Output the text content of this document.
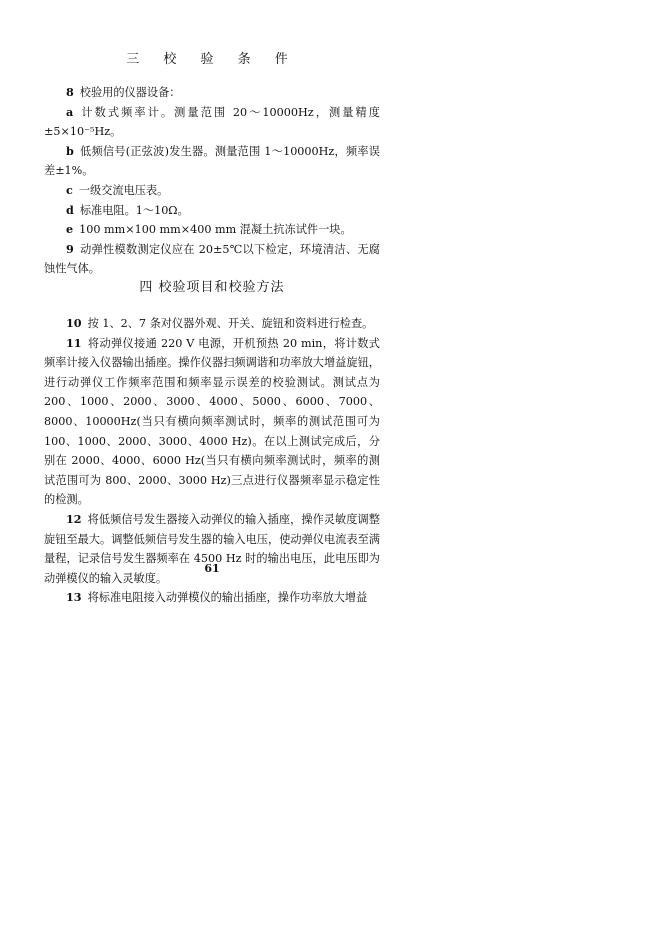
三 校 验 条 件

8 校验用的仪器设备：

a 计数式频率计。测量范围 20～10000Hz，测量精度±5×10⁻⁵Hz。

b 低频信号(正弦波)发生器。测量范围 1～10000Hz，频率误差±1%。

c 一级交流电压表。

d 标准电阻。1～10Ω。

e 100 mm×100 mm×400 mm 混凝土抗冻试件一块。

9 动弹性模数测定仪应在 20±5℃以下检定，环境清洁、无腐蚀性气体。

四 校验项目和校验方法

10 按 1、2、7 条对仪器外观、开关、旋钮和资料进行检查。

11 将动弹仪接通 220 V 电源，开机预热 20 min，将计数式频率计接入仪器输出插座。操作仪器扫频调谐和功率放大增益旋钮，进行动弹仪工作频率范围和频率显示误差的校验测试。测试点为 200、1000、2000、3000、4000、5000、6000、7000、8000、10000Hz(当只有横向频率测试时，频率的测试范围可为 100、1000、2000、3000、4000 Hz)。在以上测试完成后，分别在 2000、4000、6000 Hz(当只有横向频率测试时，频率的测试范围可为 800、2000、3000 Hz)三点进行仪器频率显示稳定性的检测。

12 将低频信号发生器接入动弹仪的输入插座，操作灵敏度调整旋钮至最大。调整低频信号发生器的输入电压，使动弹仪电流表至满量程，记录信号发生器频率在 4500 Hz 时的输出电压，此电压即为动弹模仪的输入灵敏度。

13 将标准电阻接入动弹模仪的输出插座，操作功率放大增益

61
